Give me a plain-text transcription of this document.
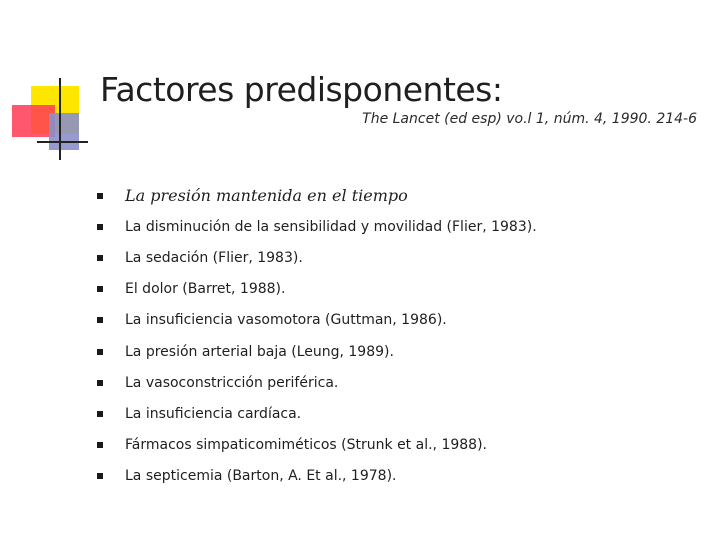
Factores predisponentes:
The Lancet (ed esp) vo.l 1, núm. 4, 1990. 214-6
La presión mantenida en el tiempo
La disminución de la sensibilidad y movilidad (Flier, 1983).
La sedación (Flier, 1983).
El dolor (Barret, 1988).
La insuficiencia vasomotora (Guttman, 1986).
La presión arterial baja (Leung, 1989).
La vasoconstricción periférica.
La insuficiencia cardíaca.
Fármacos simpaticomiméticos (Strunk et al., 1988).
La septicemia (Barton, A. Et al., 1978).
